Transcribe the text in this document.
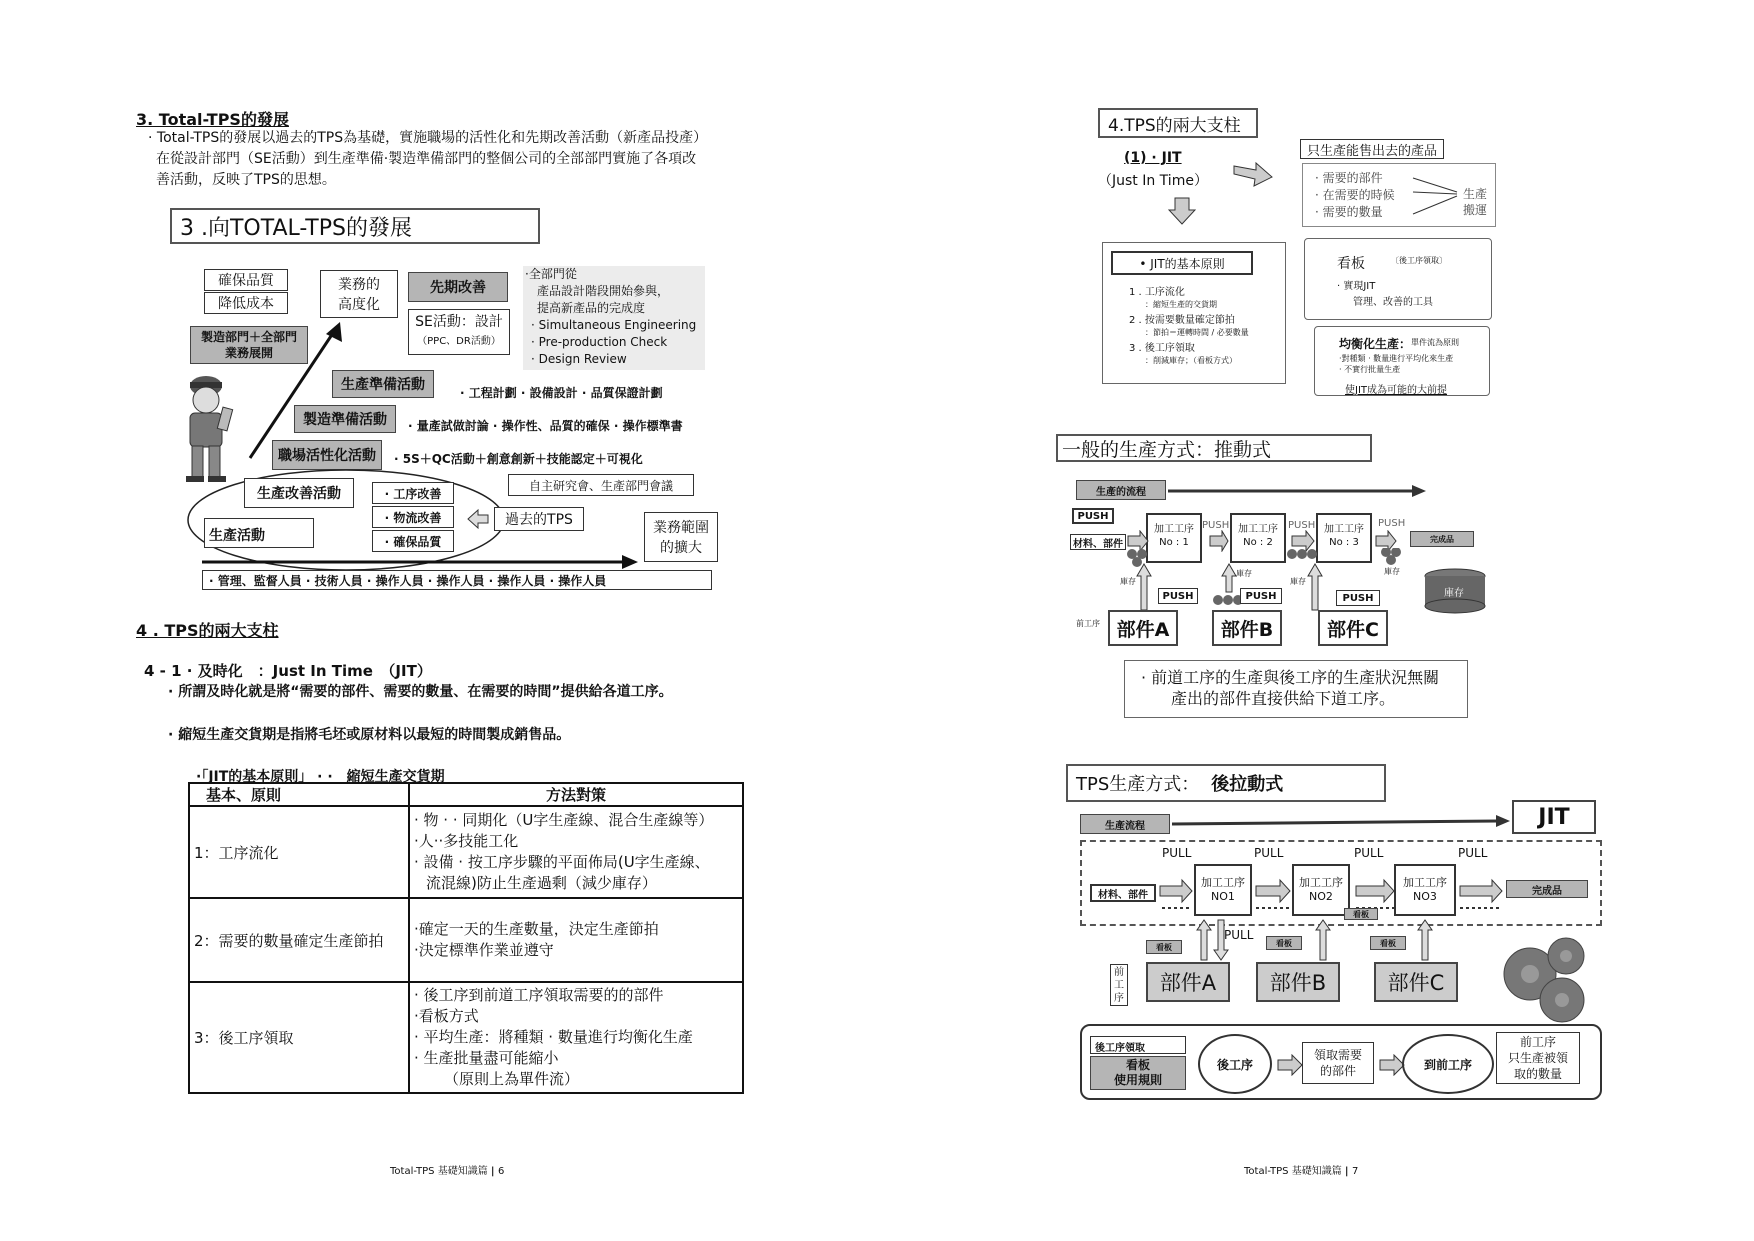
3. Total-TPS的發展
· Total-TPS的發展以過去的TPS為基礎，實施職場的活性化和先期改善活動（新產品投產）
在從設計部門（SE活動）到生產準備·製造準備部門的整個公司的全部部門實施了各項改
善活動，反映了TPS的思想。
3 .向TOTAL-TPS的發展
確保品質
降低成本
業務的
高度化
先期改善
·全部門從
產品設計階段開始參與，
提高新產品的完成度
· Simultaneous Engineering
· Pre-production Check
· Design Review
SE活動：設計
（PPC、DR活動）
製造部門＋全部門
業務展開
生產準備活動	· 工程計劃 · 設備設計 · 品質保證計劃
製造準備活動	· 量產試做討論 · 操作性、品質的確保 · 操作標準書
職場活性化活動	· 5S＋QC活動＋創意創新＋技能認定＋可視化
自主研究會、生產部門會議
生產改善活動	· 工序改善
· 物流改善
· 確保品質
生產活動
過去的TPS	業務範圍
的擴大
· 管理、監督人員 · 技術人員 · 操作人員 · 操作人員 · 操作人員 · 操作人員
4 . TPS的兩大支柱
4 - 1 · 及時化　：Just In Time　（JIT）
· 所謂及時化就是將“需要的部件、需要的數量、在需要的時間”提供給各道工序。
· 縮短生產交貨期是指將毛坯或原材料以最短的時間製成銷售品。
·「JIT的基本原則」 · ·　縮短生產交貨期
基本、原則	方法對策
1：工序流化	· 物 · · 同期化（U字生產線、混合生產線等）
·人··多技能工化
· 設備 · 按工序步驟的平面佈局(U字生產線、
流混線)防止生產過剩（減少庫存）

2：需要的數量確定生產節拍	·確定一天的生產數量，決定生產節拍
·決定標準作業並遵守

3：後工序領取	· 後工序到前道工序領取需要的的部件
·看板方式
· 平均生產：將種類 · 數量進行均衡化生產
· 生產批量盡可能縮小
（原則上為單件流）
Total-TPS 基礎知識篇 | 6
4.TPS的兩大支柱
(1) · JIT
（Just In Time）
只生產能售出去的產品
· 需要的部件
· 在需要的時候
· 需要的數量
生產
搬運
看板	〔後工序領取〕
· 實現JIT
管理、改善的工具
均衡化生產： 單件流為原則
·對種類 · 數量進行平均化來生產
· 不實行批量生產
使JIT成為可能的大前提
• JIT的基本原則
1 . 工序流化
：縮短生產的交貨期
2 . 按需要數量確定節拍
：節拍＝運轉時間 / 必要數量
3 . 後工序領取
：削減庫存；（看板方式）
一般的生產方式：推動式
生產的流程
PUSH
材料、部件
加工工序
No : 1
加工工序
No : 2
加工工序
No : 3
PUSH	PUSH	PUSH
完成品
庫存
庫存
庫存
庫存
PUSH	PUSH	PUSH	庫存
前工序 部件A	部件B	部件C
· 前道工序的生產與後工序的生產狀況無關
產出的部件直接供給下道工序。
TPS生產方式： 後拉動式
生產流程	JIT
PULL	PULL	PULL	PULL
PULL
材料、部件
加工工序
NO1
加工工序
NO2
加工工序
NO3	完成品
看板
看板	看板	看板
前
工
序
部件A	部件B	部件C
後工序領取
看板
使用規則
後工序
領取需要
的部件	到前工序
前工序
只生產被領
取的數量
Total-TPS 基礎知識篇 | 7
